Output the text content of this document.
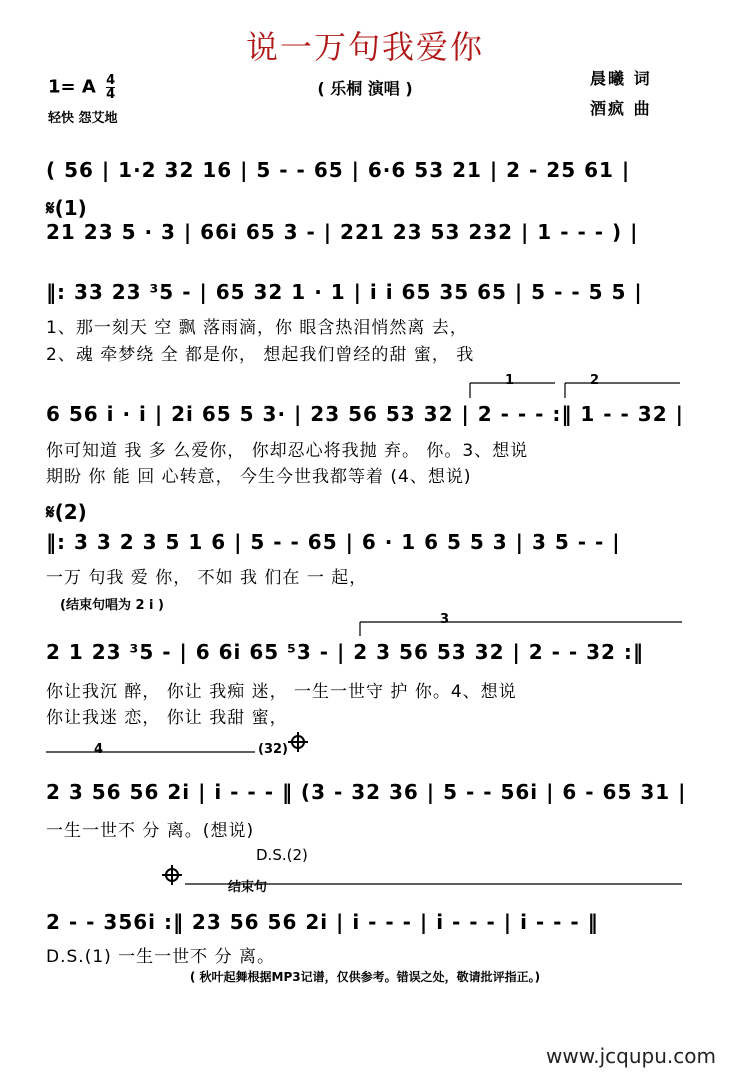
说一万句我爱你
( 乐桐 演唱 )
1= A $\frac{4}{4}$
轻快 怨艾地
晨曦 词
酒疯 曲
( 56 | 1·2 32 16 | 5 - - 65 | 6·6 53 21 | 2 - 25 61 |
𝄋(1)
21 23 5 · 3 | 66i 65 3 - | 221 23 53 232 | 1 - - - ) |
‖: 33 23 ³5 - | 65 32 1 · 1 | i i 65 35 65 | 5 - - 5 5 |
1、那一刻天 空 飘 落雨滴，你 眼含热泪悄然离 去，
2、魂 牵梦绕 全 都是你， 想起我们曾经的甜 蜜， 我
1	2
6 56 i · i | 2i 65 5 3· | 23 56 53 32 | 2 - - - :‖ 1 - - 32 |
你可知道 我 多 么爱你， 你却忍心将我抛 弃。 你。3、想说
期盼 你 能 回 心转意， 今生今世我都等着 (4、想说)
𝄋(2)
‖: 3 3 2 3 5 1 6 | 5 - - 65 | 6 · 1 6 5 5 3 | 3 5 - - |
一万 句我 爱 你， 不如 我 们在 一 起，
(结束句唱为 2 i )
3
2 1 23 ³5 - | 6 6i 65 ⁵3 - | 2 3 56 53 32 | 2 - - 32 :‖
你让我沉 醉， 你让 我痴 迷， 一生一世守 护 你。4、想说
你让我迷 恋， 你让 我甜 蜜，
4	(32)
2 3 56 56 2i | i - - - ‖ (3 - 32 36 | 5 - - 56i | 6 - 65 31 |
一生一世不 分 离。(想说)
D.S.(2)
结束句
2 - - 356i :‖ 23 56 56 2i | i - - - | i - - - | i - - - ‖
D.S.(1) 一生一世不 分 离。
( 秋叶起舞根据MP3记谱，仅供参考。错误之处，敬请批评指正。)
www.jcqupu.com
